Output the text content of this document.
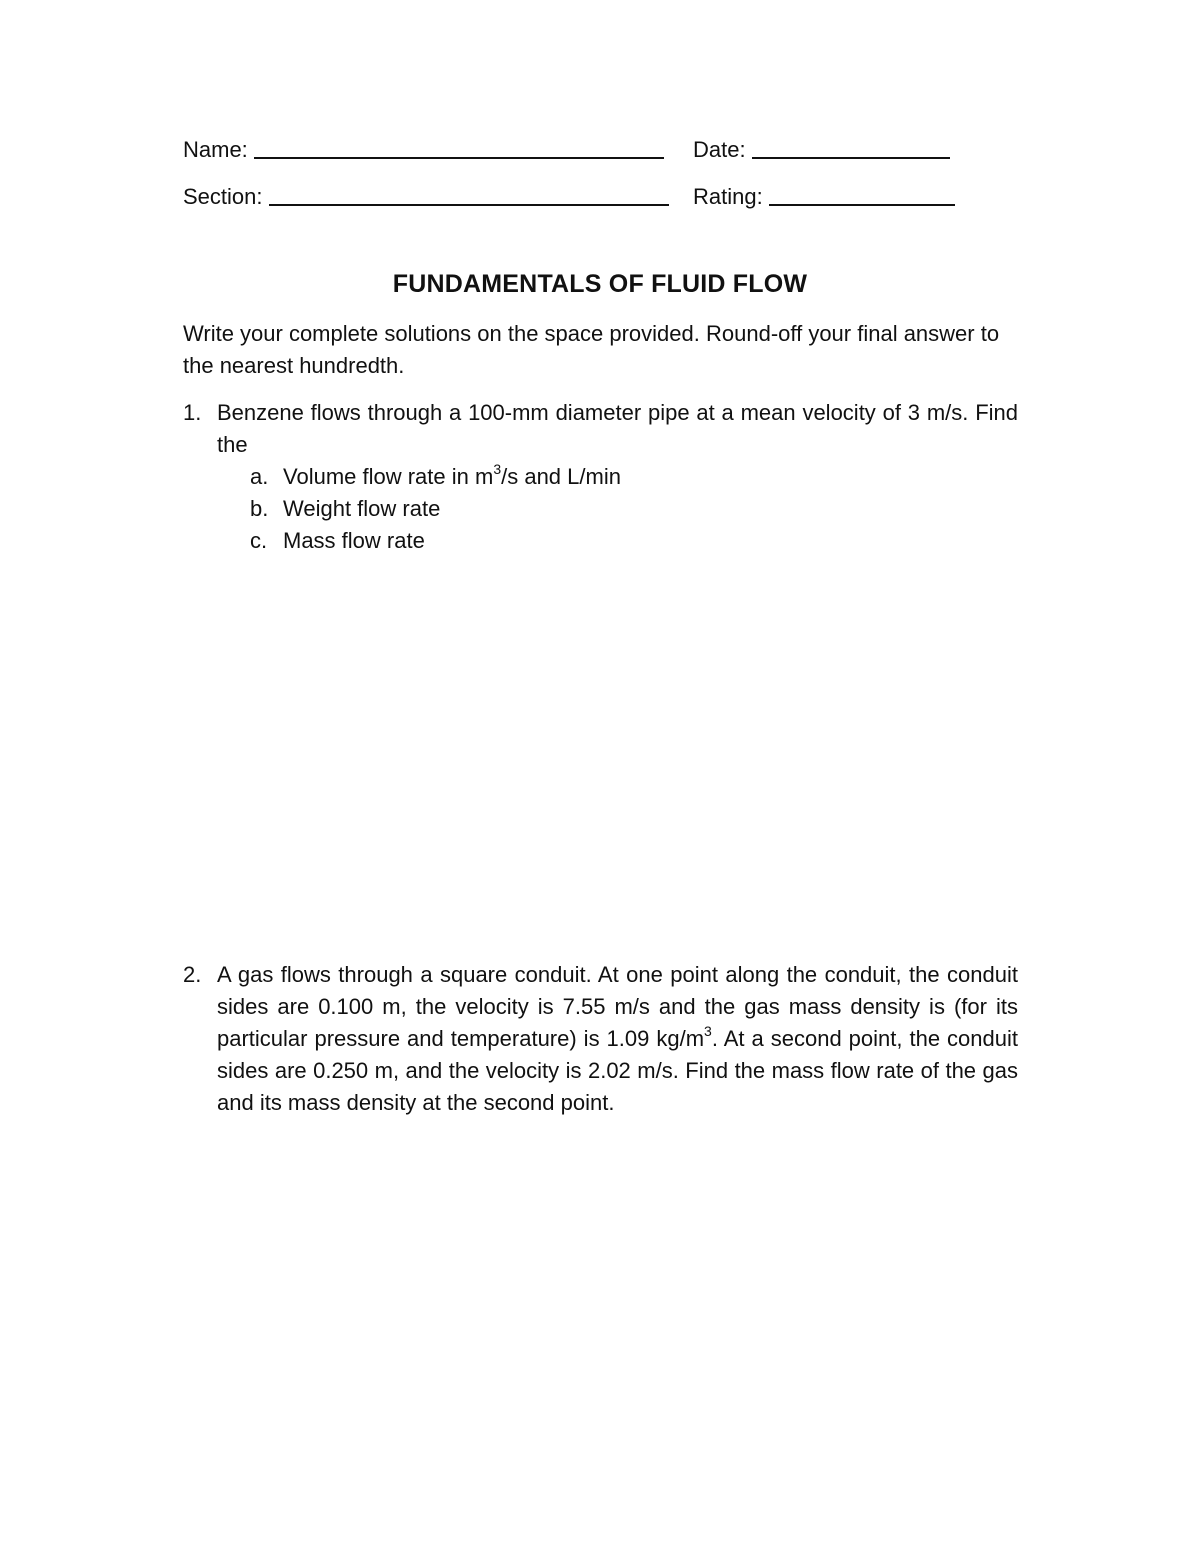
Name:	Date:
Section:	Rating:
FUNDAMENTALS OF FLUID FLOW

Write your complete solutions on the space provided. Round-off your final answer to the nearest hundredth.

1. Benzene flows through a 100-mm diameter pipe at a mean velocity of 3 m/s. Find the

a. Volume flow rate in $m^3/s$ and L/min
b. Weight flow rate
c. Mass flow rate
2. A gas flows through a square conduit. At one point along the conduit, the conduit sides are 0.100 m, the velocity is 7.55 m/s and the gas mass density is (for its particular pressure and temperature) is 1.09 $kg/m^3$. At a second point, the conduit sides are 0.250 m, and the velocity is 2.02 m/s. Find the mass flow rate of the gas and its mass density at the second point.
